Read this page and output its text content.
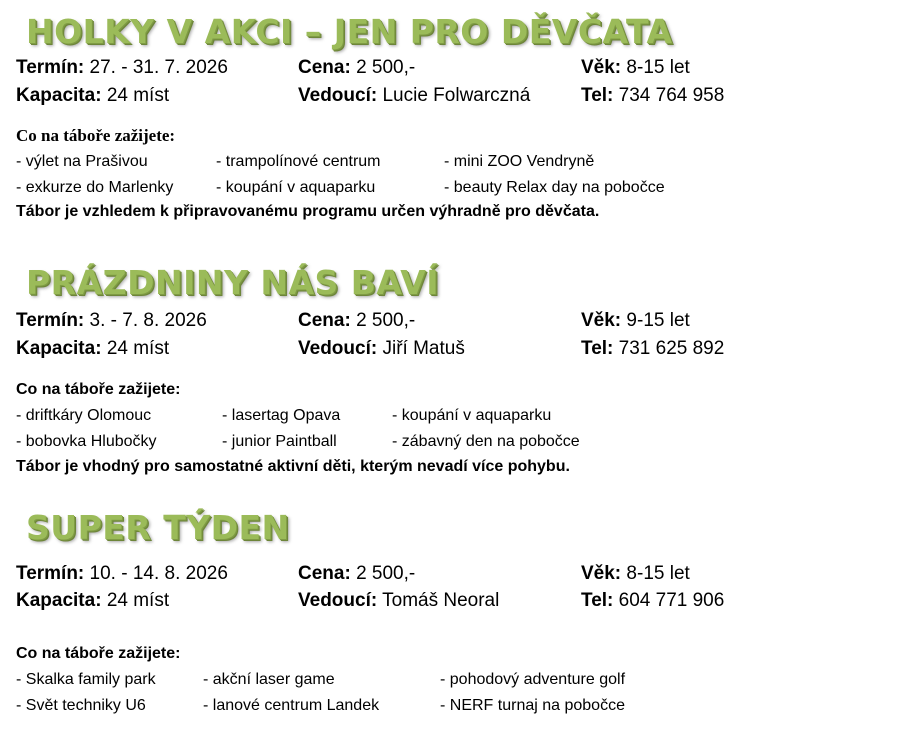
HOLKY V AKCI – JEN PRO DĚVČATA
Termín: 27. - 31. 7. 2026	Cena: 2 500,-	Věk: 8-15 let
Kapacita: 24 míst	Vedoucí: Lucie Folwarczná	Tel: 734 764 958
Co na táboře zažijete:
- výlet na Prašivou	- trampolínové centrum	- mini ZOO Vendryně
- exkurze do Marlenky	- koupání v aquaparku	- beauty Relax day na pobočce
Tábor je vzhledem k připravovanému programu určen výhradně pro děvčata.
PRÁZDNINY NÁS BAVÍ
Termín: 3. - 7. 8. 2026	Cena: 2 500,-	Věk: 9-15 let
Kapacita: 24 míst	Vedoucí: Jiří Matuš	Tel: 731 625 892
Co na táboře zažijete:
- driftkáry Olomouc	- lasertag Opava	- koupání v aquaparku
- bobovka Hlubočky	- junior Paintball	- zábavný den na pobočce
Tábor je vhodný pro samostatné aktivní děti, kterým nevadí více pohybu.
SUPER TÝDEN
Termín: 10. - 14. 8. 2026	Cena: 2 500,-	Věk: 8-15 let
Kapacita: 24 míst	Vedoucí: Tomáš Neoral	Tel: 604 771 906
Co na táboře zažijete:
- Skalka family park	- akční laser game	- pohodový adventure golf
- Svět techniky U6	- lanové centrum Landek	- NERF turnaj na pobočce
